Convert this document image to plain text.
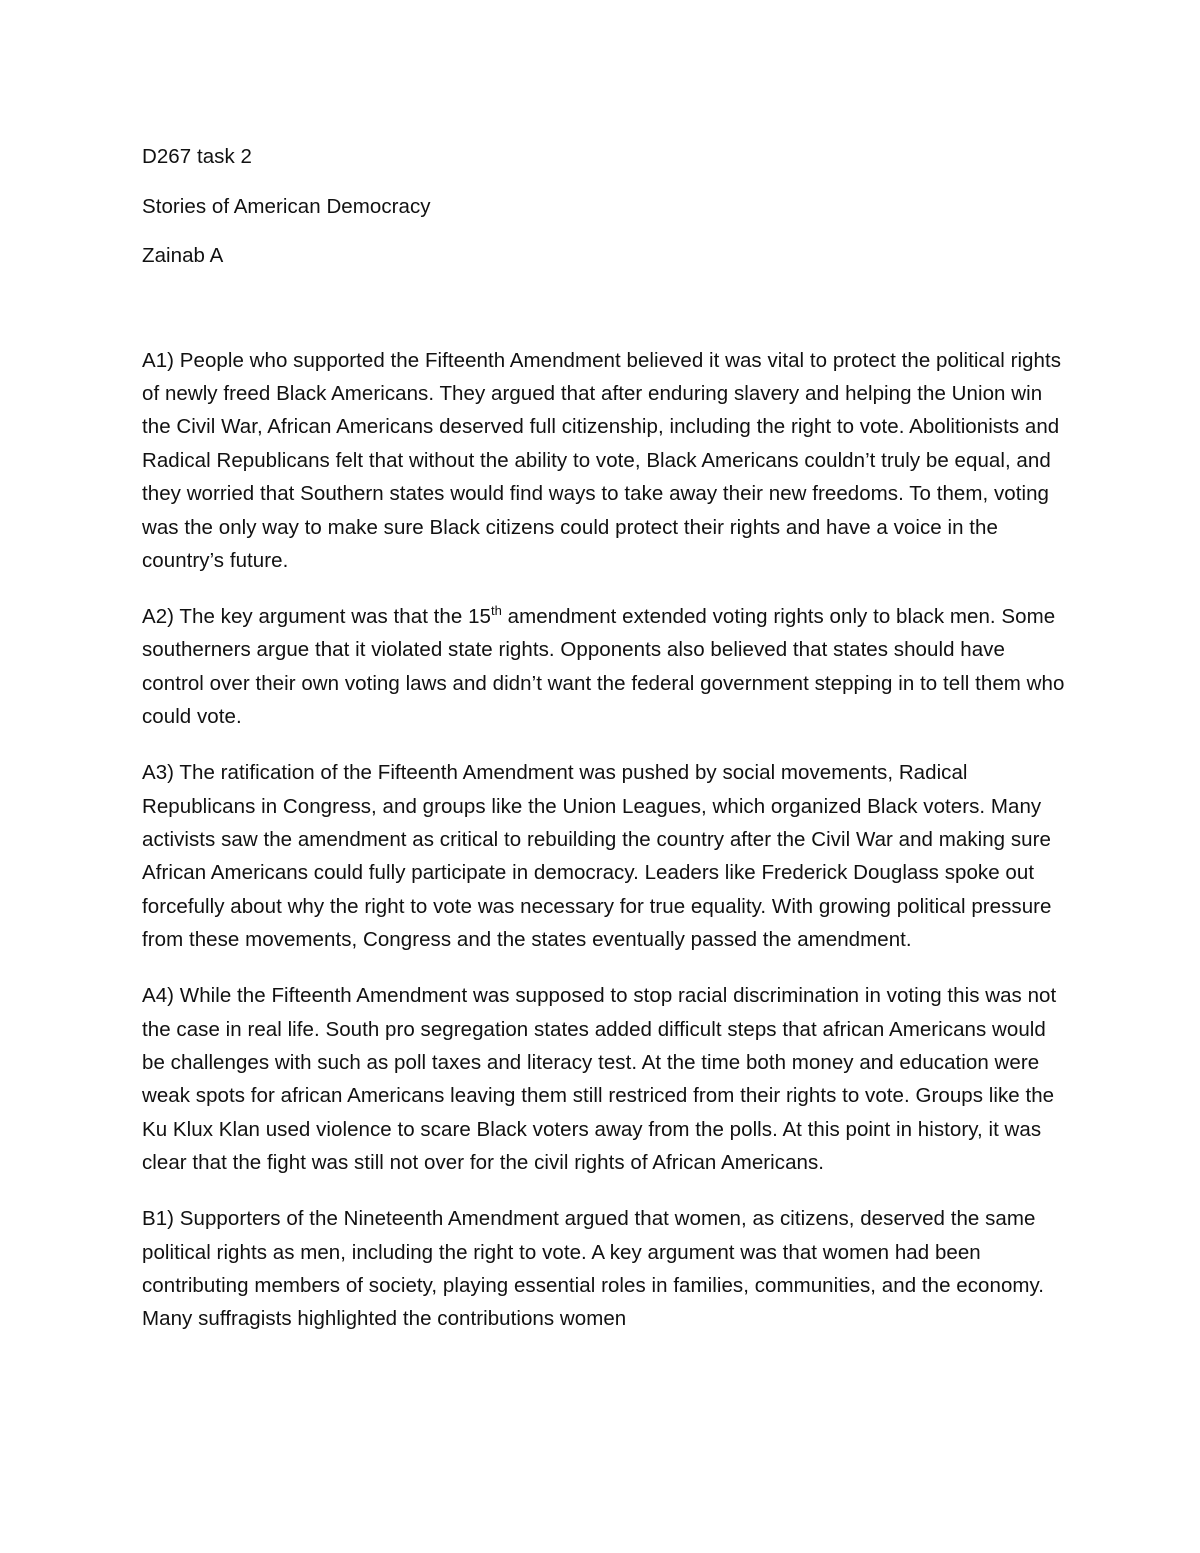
D267 task 2

Stories of American Democracy

Zainab A

A1) People who supported the Fifteenth Amendment believed it was vital to protect the political rights of newly freed Black Americans. They argued that after enduring slavery and helping the Union win the Civil War, African Americans deserved full citizenship, including the right to vote. Abolitionists and Radical Republicans felt that without the ability to vote, Black Americans couldn’t truly be equal, and they worried that Southern states would find ways to take away their new freedoms. To them, voting was the only way to make sure Black citizens could protect their rights and have a voice in the country’s future.

A2) The key argument was that the 15th amendment extended voting rights only to black men. Some southerners argue that it violated state rights. Opponents also believed that states should have control over their own voting laws and didn’t want the federal government stepping in to tell them who could vote.

A3) The ratification of the Fifteenth Amendment was pushed by social movements, Radical Republicans in Congress, and groups like the Union Leagues, which organized Black voters. Many activists saw the amendment as critical to rebuilding the country after the Civil War and making sure African Americans could fully participate in democracy. Leaders like Frederick Douglass spoke out forcefully about why the right to vote was necessary for true equality. With growing political pressure from these movements, Congress and the states eventually passed the amendment.

A4) While the Fifteenth Amendment was supposed to stop racial discrimination in voting this was not the case in real life. South pro segregation states added difficult steps that african Americans would be challenges with such as poll taxes and literacy test. At the time both money and education were weak spots for african Americans leaving them still restriced from their rights to vote. Groups like the Ku Klux Klan used violence to scare Black voters away from the polls. At this point in history, it was clear that the fight was still not over for the civil rights of African Americans.

B1) Supporters of the Nineteenth Amendment argued that women, as citizens, deserved the same political rights as men, including the right to vote. A key argument was that women had been contributing members of society, playing essential roles in families, communities, and the economy. Many suffragists highlighted the contributions women
